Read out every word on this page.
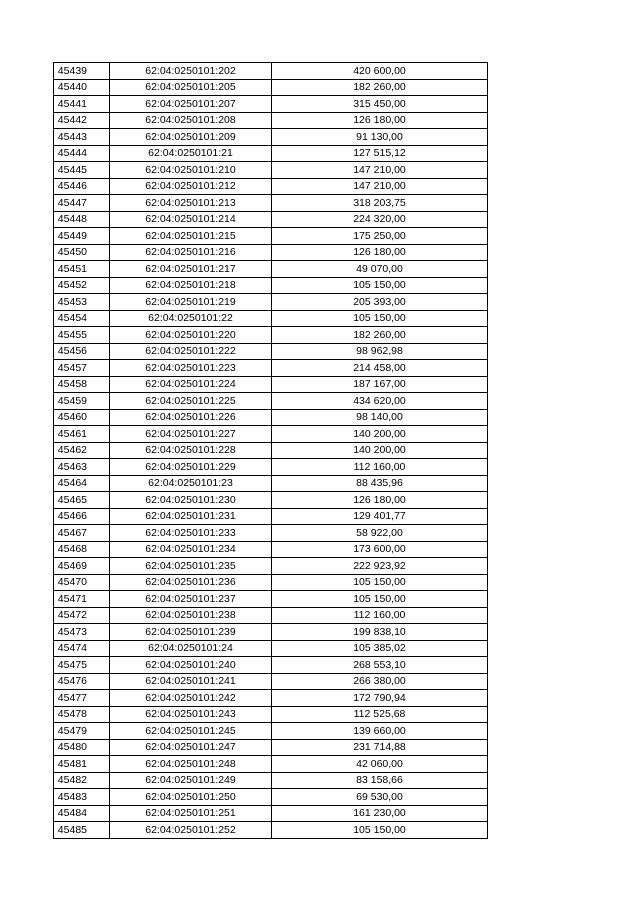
45439	62:04:0250101:202	420 600,00
45440	62:04:0250101:205	182 260,00
45441	62:04:0250101:207	315 450,00
45442	62:04:0250101:208	126 180,00
45443	62:04:0250101:209	91 130,00
45444	62:04:0250101:21	127 515,12
45445	62:04:0250101:210	147 210,00
45446	62:04:0250101:212	147 210,00
45447	62:04:0250101:213	318 203,75
45448	62:04:0250101:214	224 320,00
45449	62:04:0250101:215	175 250,00
45450	62:04:0250101:216	126 180,00
45451	62:04:0250101:217	49 070,00
45452	62:04:0250101:218	105 150,00
45453	62:04:0250101:219	205 393,00
45454	62:04:0250101:22	105 150,00
45455	62:04:0250101:220	182 260,00
45456	62:04:0250101:222	98 962,98
45457	62:04:0250101:223	214 458,00
45458	62:04:0250101:224	187 167,00
45459	62:04:0250101:225	434 620,00
45460	62:04:0250101:226	98 140,00
45461	62:04:0250101:227	140 200,00
45462	62:04:0250101:228	140 200,00
45463	62:04:0250101:229	112 160,00
45464	62:04:0250101:23	88 435,96
45465	62:04:0250101:230	126 180,00
45466	62:04:0250101:231	129 401,77
45467	62:04:0250101:233	58 922,00
45468	62:04:0250101:234	173 600,00
45469	62:04:0250101:235	222 923,92
45470	62:04:0250101:236	105 150,00
45471	62:04:0250101:237	105 150,00
45472	62:04:0250101:238	112 160,00
45473	62:04:0250101:239	199 838,10
45474	62:04:0250101:24	105 385,02
45475	62:04:0250101:240	268 553,10
45476	62:04:0250101:241	266 380,00
45477	62:04:0250101:242	172 790,94
45478	62:04:0250101:243	112 525,68
45479	62:04:0250101:245	139 660,00
45480	62:04:0250101:247	231 714,88
45481	62:04:0250101:248	42 060,00
45482	62:04:0250101:249	83 158,66
45483	62:04:0250101:250	69 530,00
45484	62:04:0250101:251	161 230,00
45485	62:04:0250101:252	105 150,00
